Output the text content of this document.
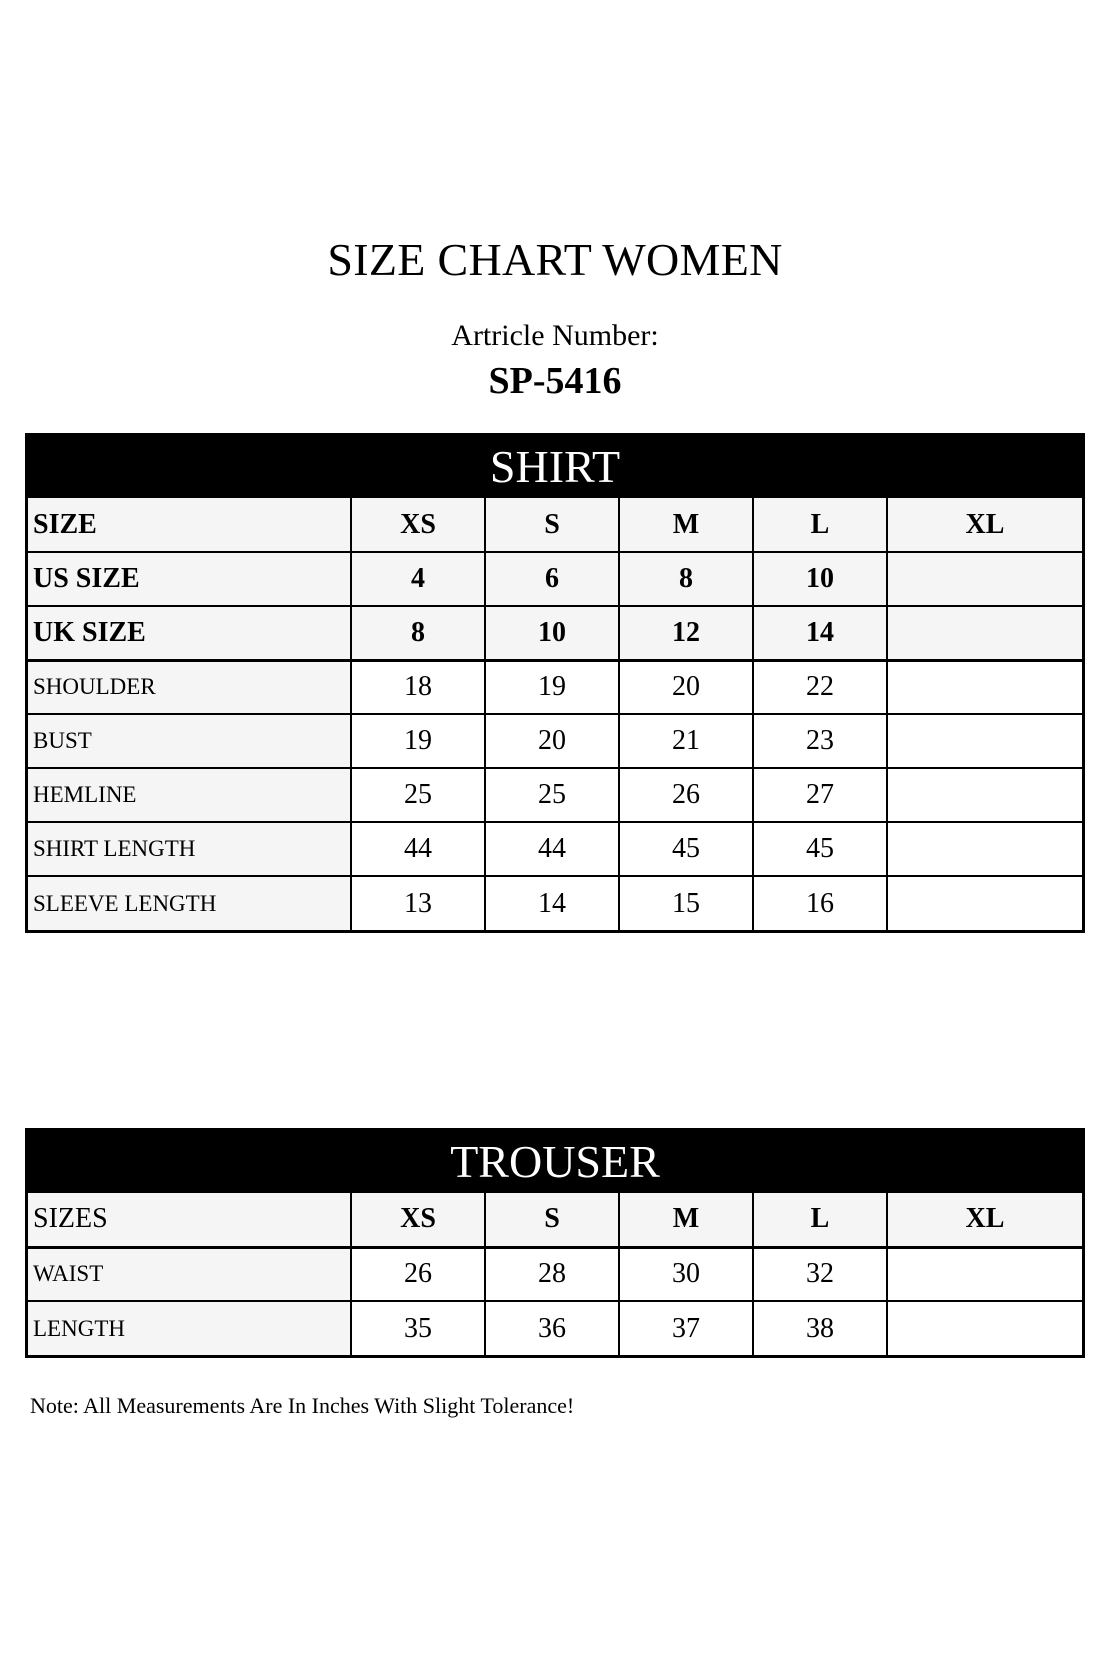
SIZE CHART WOMEN
Artricle Number:
SP-5416
SHIRT
SIZE	XS	S	M	L	XL
US SIZE	4	6	8	10	
UK SIZE	8	10	12	14	
SHOULDER	18	19	20	22	
BUST	19	20	21	23	
HEMLINE	25	25	26	27	
SHIRT LENGTH	44	44	45	45	
SLEEVE LENGTH	13	14	15	16	
TROUSER
SIZES	XS	S	M	L	XL
WAIST	26	28	30	32	
LENGTH	35	36	37	38	
Note: All Measurements Are In Inches With Slight Tolerance!
